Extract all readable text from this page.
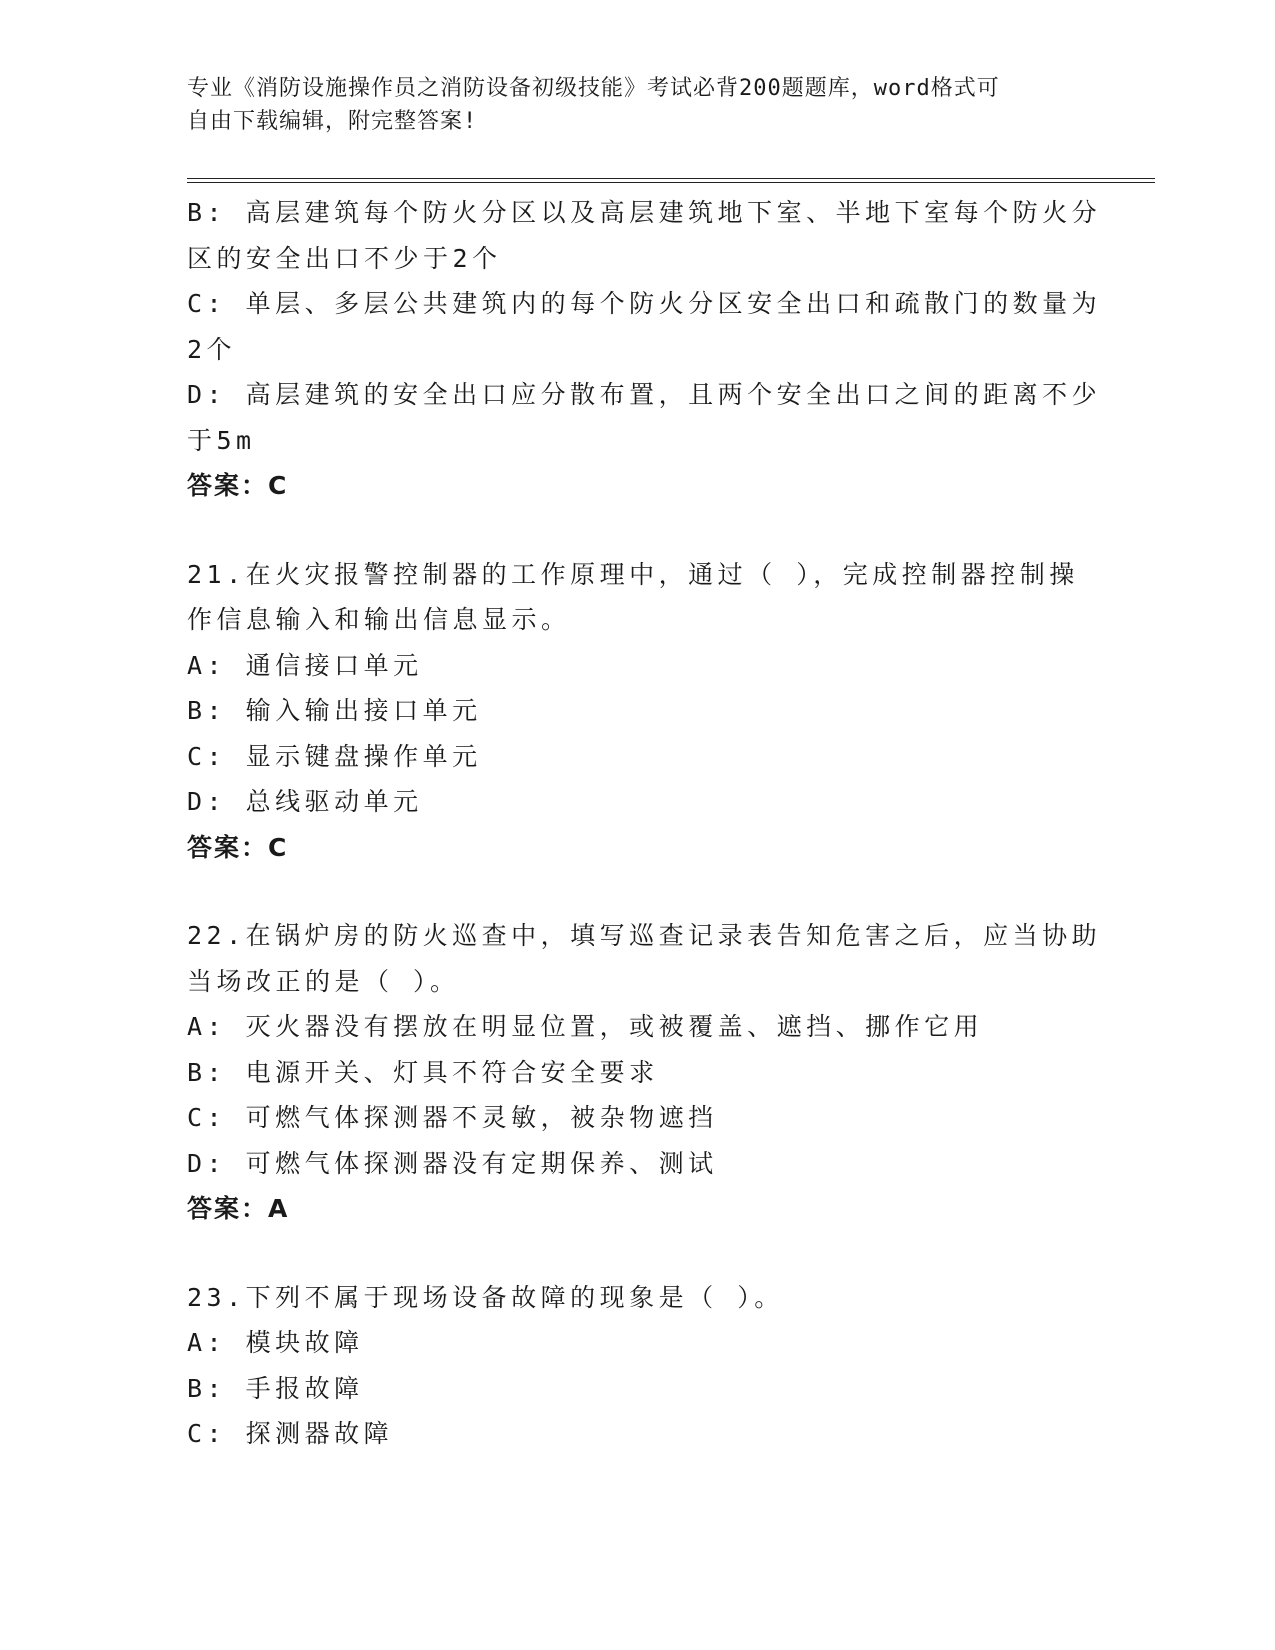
专业《消防设施操作员之消防设备初级技能》考试必背200题题库，word格式可
自由下载编辑，附完整答案!
B: 高层建筑每个防火分区以及高层建筑地下室、半地下室每个防火分
区的安全出口不少于2个
C: 单层、多层公共建筑内的每个防火分区安全出口和疏散门的数量为
2个
D: 高层建筑的安全出口应分散布置，且两个安全出口之间的距离不少
于5m
答案：C
21.在火灾报警控制器的工作原理中，通过（ ），完成控制器控制操
作信息输入和输出信息显示。
A: 通信接口单元
B: 输入输出接口单元
C: 显示键盘操作单元
D: 总线驱动单元
答案：C
22.在锅炉房的防火巡查中，填写巡查记录表告知危害之后，应当协助
当场改正的是（ ）。
A: 灭火器没有摆放在明显位置，或被覆盖、遮挡、挪作它用
B: 电源开关、灯具不符合安全要求
C: 可燃气体探测器不灵敏，被杂物遮挡
D: 可燃气体探测器没有定期保养、测试
答案：A
23.下列不属于现场设备故障的现象是（ ）。
A: 模块故障
B: 手报故障
C: 探测器故障
